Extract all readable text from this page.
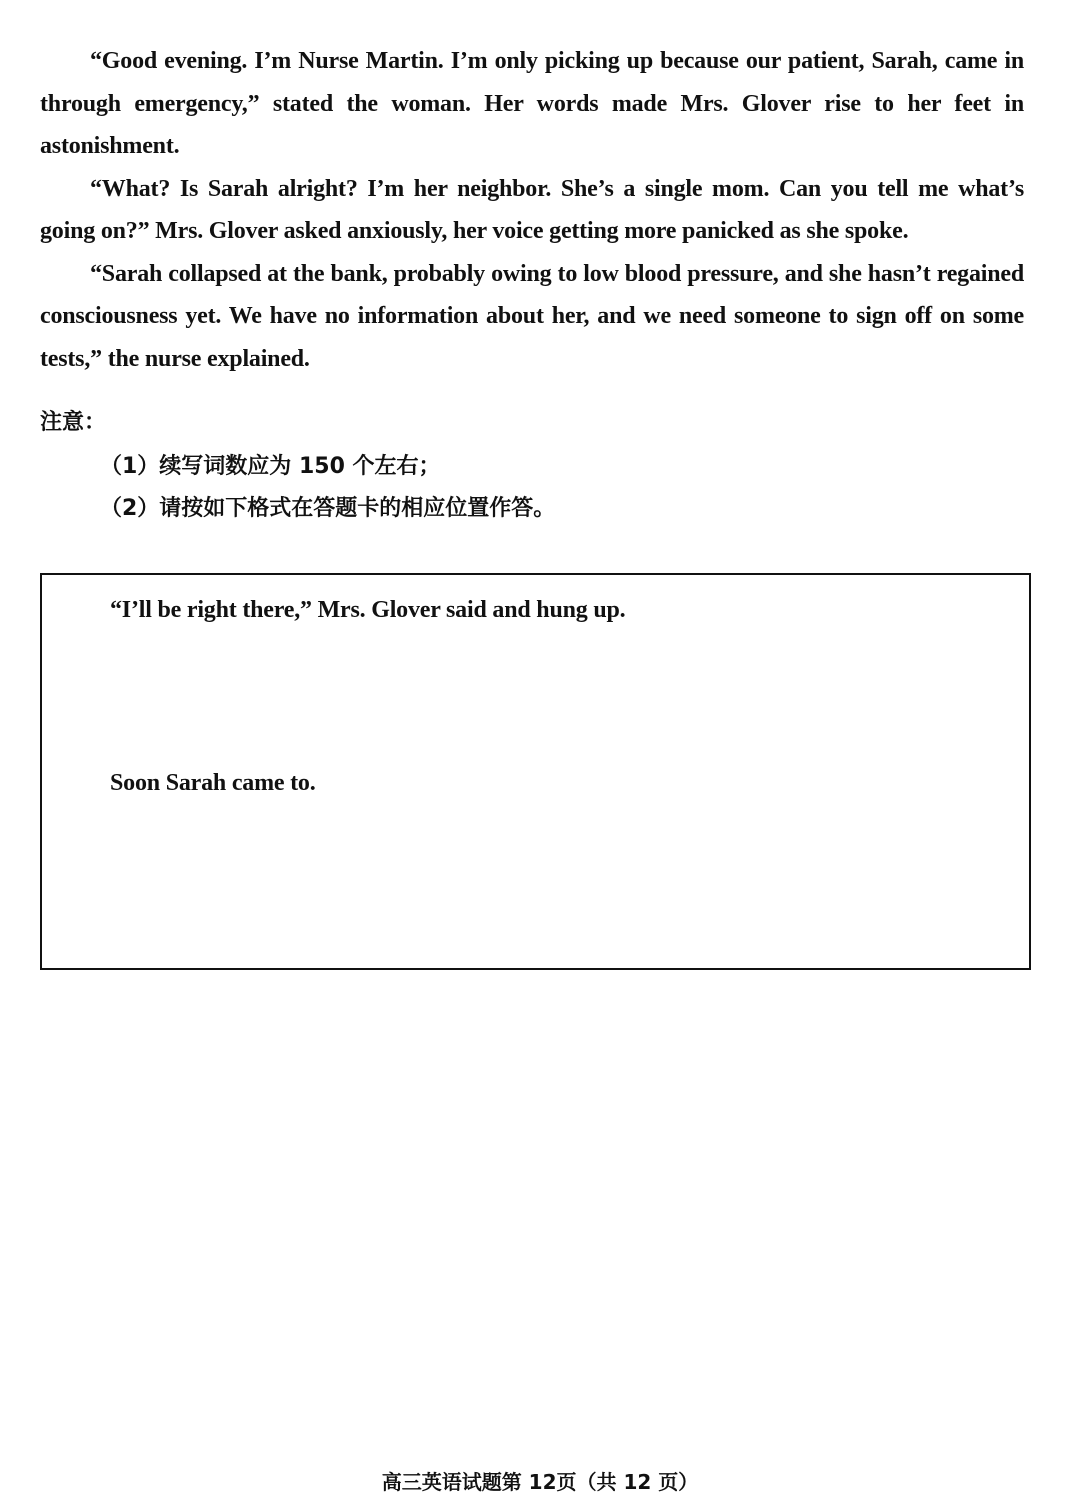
“Good evening. I’m Nurse Martin. I’m only picking up because our patient, Sarah, came in through emergency,” stated the woman. Her words made Mrs. Glover rise to her feet in astonishment.

“What? Is Sarah alright? I’m her neighbor. She’s a single mom. Can you tell me what’s going on?” Mrs. Glover asked anxiously, her voice getting more panicked as she spoke.

“Sarah collapsed at the bank, probably owing to low blood pressure, and she hasn’t regained consciousness yet. We have no information about her, and we need someone to sign off on some tests,” the nurse explained.

注意：
（1）续写词数应为 150 个左右；
（2）请按如下格式在答题卡的相应位置作答。
“I’ll be right there,” Mrs. Glover said and hung up.
Soon Sarah came to.
高三英语试题第 12页（共 12 页）
